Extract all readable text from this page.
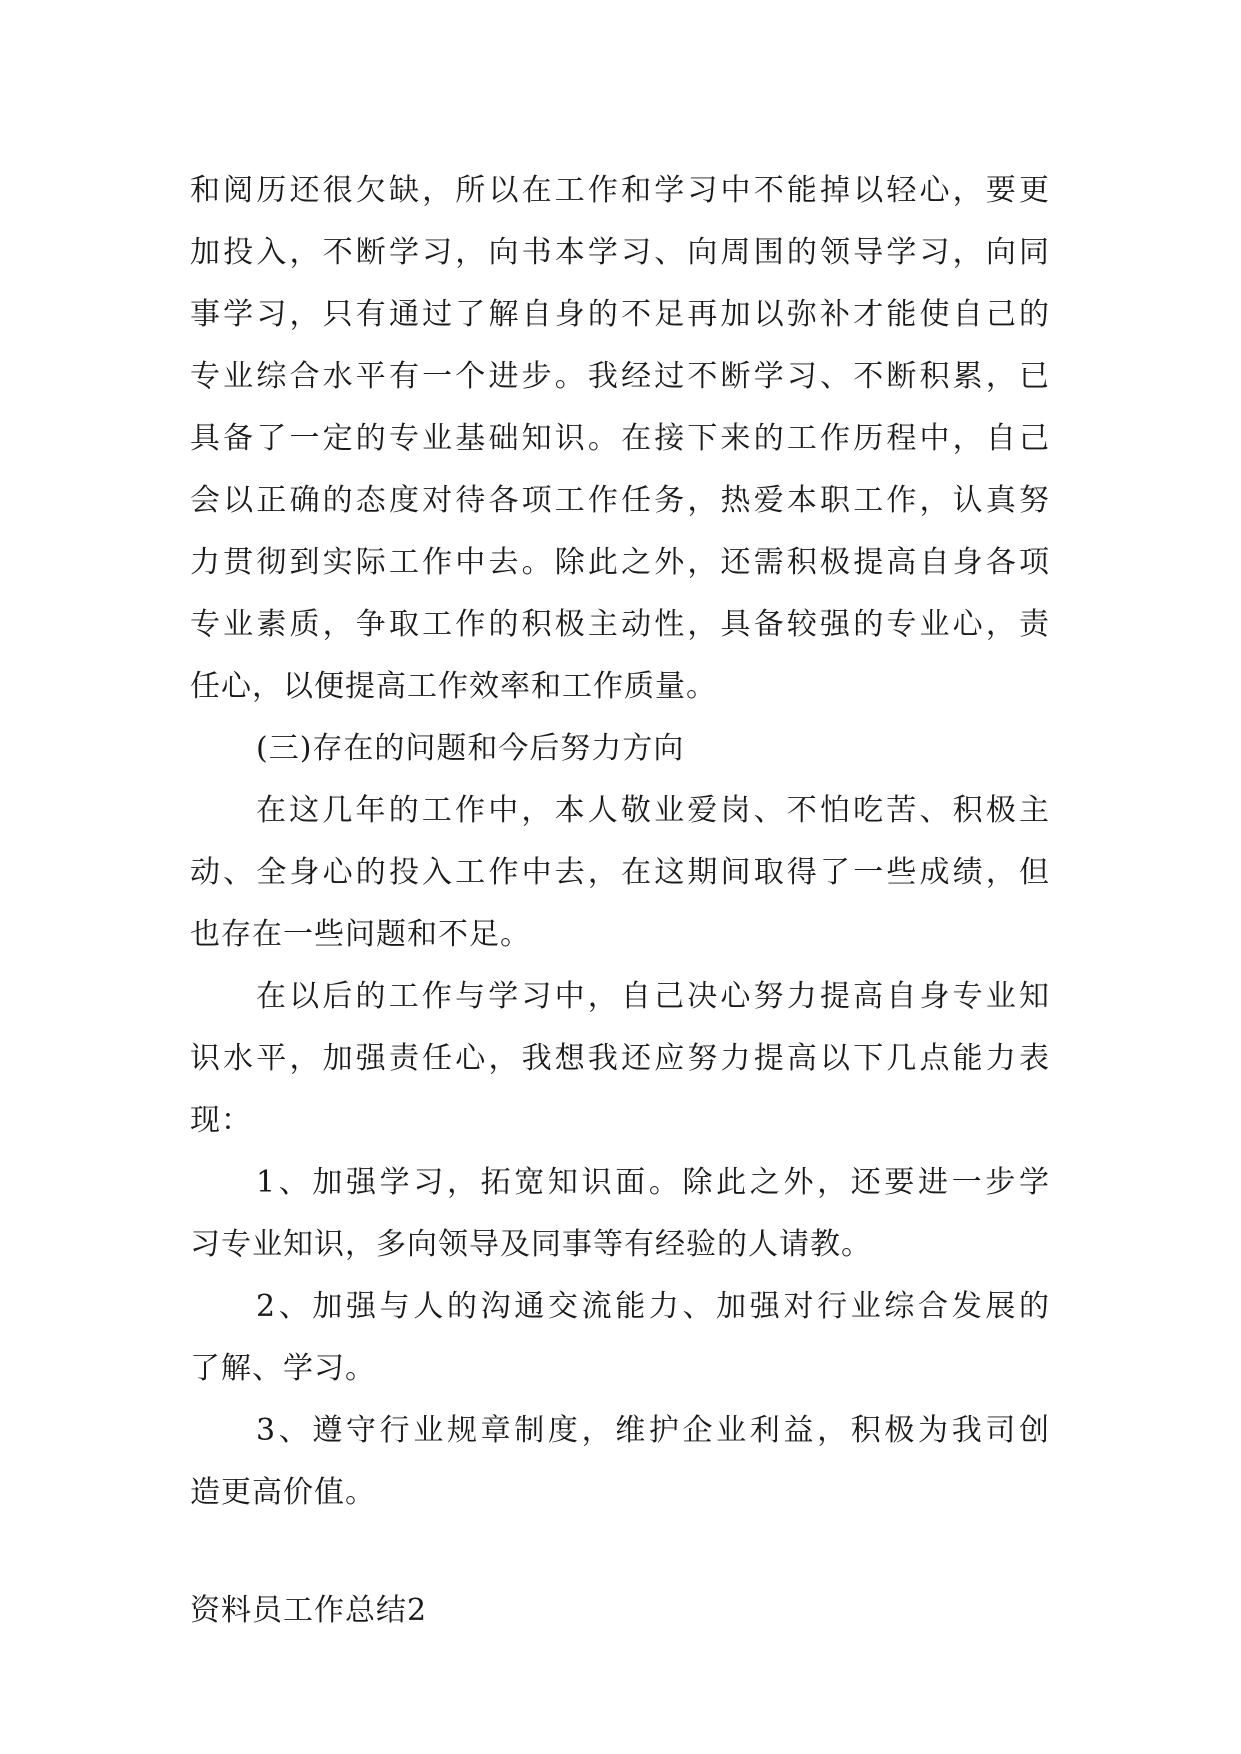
和阅历还很欠缺，所以在工作和学习中不能掉以轻心，要更
加投入，不断学习，向书本学习、向周围的领导学习，向同
事学习，只有通过了解自身的不足再加以弥补才能使自己的
专业综合水平有一个进步。我经过不断学习、不断积累，已
具备了一定的专业基础知识。在接下来的工作历程中，自己
会以正确的态度对待各项工作任务，热爱本职工作，认真努
力贯彻到实际工作中去。除此之外，还需积极提高自身各项
专业素质，争取工作的积极主动性，具备较强的专业心，责
任心，以便提高工作效率和工作质量。
(三)存在的问题和今后努力方向
在这几年的工作中，本人敬业爱岗、不怕吃苦、积极主
动、全身心的投入工作中去，在这期间取得了一些成绩，但
也存在一些问题和不足。
在以后的工作与学习中，自己决心努力提高自身专业知
识水平，加强责任心，我想我还应努力提高以下几点能力表
现：
1、加强学习，拓宽知识面。除此之外，还要进一步学
习专业知识，多向领导及同事等有经验的人请教。
2、加强与人的沟通交流能力、加强对行业综合发展的
了解、学习。
3、遵守行业规章制度，维护企业利益，积极为我司创
造更高价值。
资料员工作总结2
